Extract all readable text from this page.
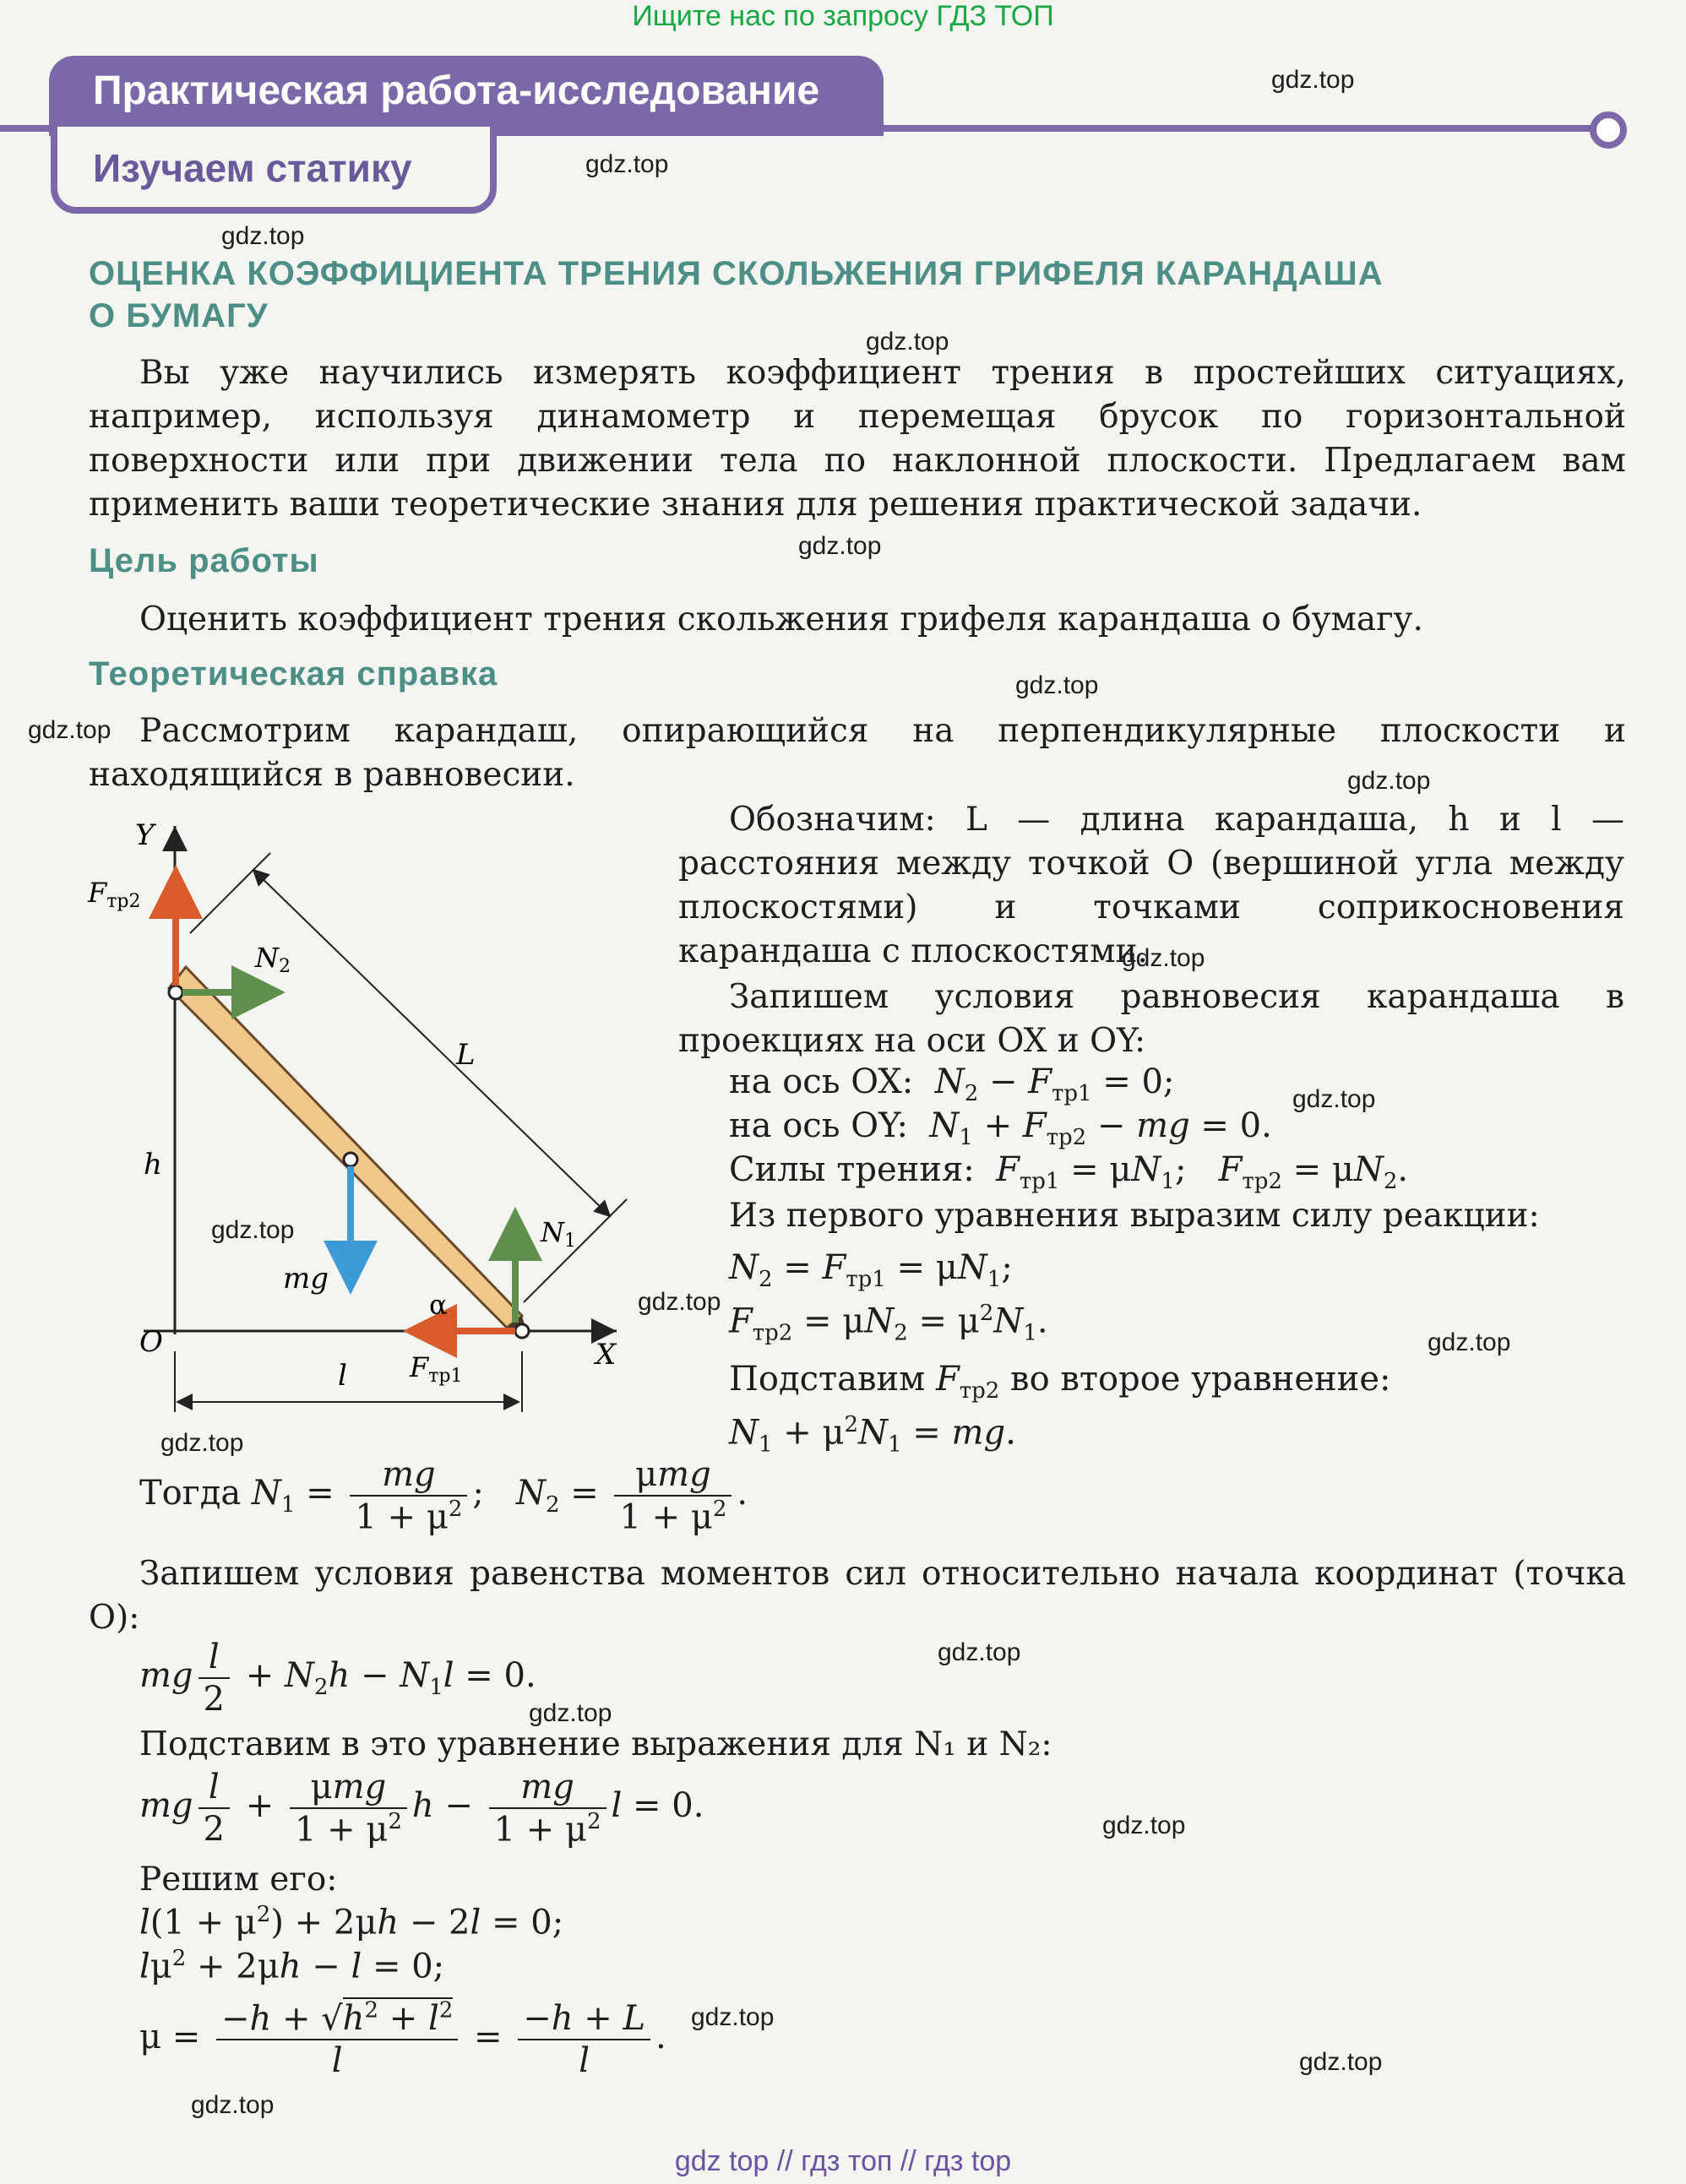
Ищите нас по запросу ГДЗ ТОП
Практическая работа-исследование
Изучаем статику
ОЦЕНКА КОЭФФИЦИЕНТА ТРЕНИЯ СКОЛЬЖЕНИЯ ГРИФЕЛЯ КАРАНДАША
О БУМАГУ
Вы уже научились измерять коэффициент трения в простейших ситуациях, например, используя динамометр и перемещая брусок по горизонтальной поверхности или при движении тела по наклонной плоскости. Предлагаем вам применить ваши теоретические знания для решения практической задачи.
Цель работы
Оценить коэффициент трения скольжения грифеля карандаша о бумагу.
Теоретическая справка
Рассмотрим карандаш, опирающийся на перпендикулярные плоскости и находящийся в равновесии.
Y
X
O
h
l
L
α
mg
Fтр2
N2
N1
Fтр1
Обозначим: L — длина карандаша, h и l — расстояния между точкой O (вершиной угла между плоскостями) и точками соприкосновения карандаша с плоскостями.
Запишем условия равновесия карандаша в проекциях на оси OX и OY:
на ось OX: $N_2 - F_{тр1} = 0$;
на ось OY: $N_1 + F_{тр2}$ − mg = 0.
Силы трения: $F_{тр1} = \mu N_1$;   $F_{тр2} = \mu N_2$.
Из первого уравнения выразим силу реакции:
$N_2 = F_{тр1} = \mu N_1$;
$F_{тр2} = \mu N_2 = \mu^2N_1$.
Подставим $F_{тр2}$ во второе уравнение:
$N_1 + \mu^2N_1$ = mg.
Тогда $N_1 = \frac{mg}{1 + \mu^2}$ ;   $N_2 = \frac{\text{μmg}}{1 + \mu^2}$ .
Запишем условия равенства моментов сил относительно начала координат (точка O):
mg $\frac{l}{2} + N_2h - N_1l = 0$.
Подставим в это уравнение выражения для N₁ и N₂:
mg $\frac{l}{2} + \frac{\text{μmg}}{1 + \mu^2}$ $h - \frac{mg}{1 + \mu^2}$ l = 0.
Решим его:
$l(1 + \mu^2) + 2\mu h - 2l = 0$;
$l\mu^2 + 2\mu h - l = 0$;
$\mu = \frac{-h + √h^2 + l^2}{l} = \frac{-h + L}{l}$ .
gdz.top
gdz.top
gdz.top
gdz.top
gdz.top
gdz.top
gdz.top
gdz.top
gdz.top
gdz.top
gdz.top
gdz.top
gdz.top
gdz.top
gdz.top
gdz.top
gdz.top
gdz.top
gdz.top
gdz.top
gdz top // гдз топ // гдз top
